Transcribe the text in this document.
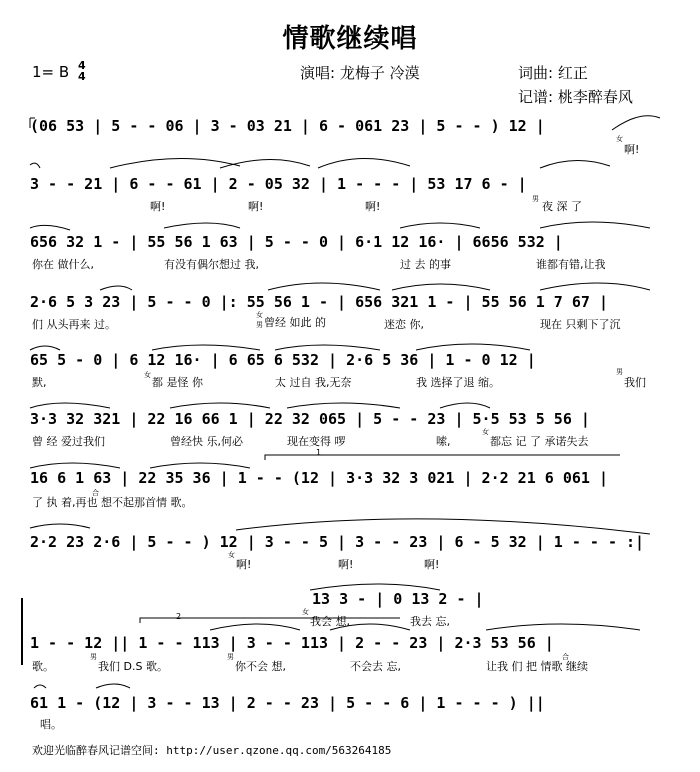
情歌继续唱
1= B 4
4	演唱: 龙梅子 冷漠	词曲: 红正
记谱: 桃李醉春风
(06 53 | 5 - - 06 | 3 - 03 21 | 6 - 061 23 | 5 - - ) 12 |
啊!
女
3 - - 21 | 6 - - 61 | 2 - 05 32 | 1 - - - | 53 17 6 - |
啊!	啊!	啊!	夜 深 了
男
656 32 1 - | 55 56 1 63 | 5 - - 0 | 6·1 12 16· | 6656 532 |
你在 做什么,	有没有偶尔想过 我,	过 去 的事	谁都有错,让我
2·6 5 3 23 | 5 - - 0 |: 55 56 1 - | 656 321 1 - | 55 56 1 7 67 |
们 从头再来 过。	曾经 如此 的	迷恋 你,	现在 只剩下了沉
女
男
65 5 - 0 | 6 12 16· | 6 65 6 532 | 2·6 5 36 | 1 - 0 12 |
默,	都 是怪 你	太 过自 我,无奈	我 选择了退 缩。	我们
女	男
3·3 32 321 | 22 16 66 1 | 22 32 065 | 5 - - 23 | 5·5 53 5 56 |
曾 经 爱过我们	曾经快 乐,何必	现在变得 啰	嗦,	都忘 记 了 承诺失去
女
16 6 1 63 | 22 35 36 | 1 - - (12 | 3·3 32 3 021 | 2·2 21 6 061 |
了 执 着,再也 想不起那首情 歌。
合
1
2·2 23 2·6 | 5 - - ) 12 | 3 - - 5 | 3 - - 23 | 6 - 5 32 | 1 - - - :|
啊!	啊!	啊!
女
13 3 - | 0 13 2 - |
我会 想,	我去 忘,
女
1 - - 12 || 1 - - 113 | 3 - - 113 | 2 - - 23 | 2·3 53 56 |
歌。	我们 D.S 歌。	你不会 想,	不会去 忘,	让我 们 把 情歌 继续
男	男	合
2
61 1 - (12 | 3 - - 13 | 2 - - 23 | 5 - - 6 | 1 - - - ) ||
唱。
欢迎光临醉春风记谱空间: http://user.qzone.qq.com/563264185
